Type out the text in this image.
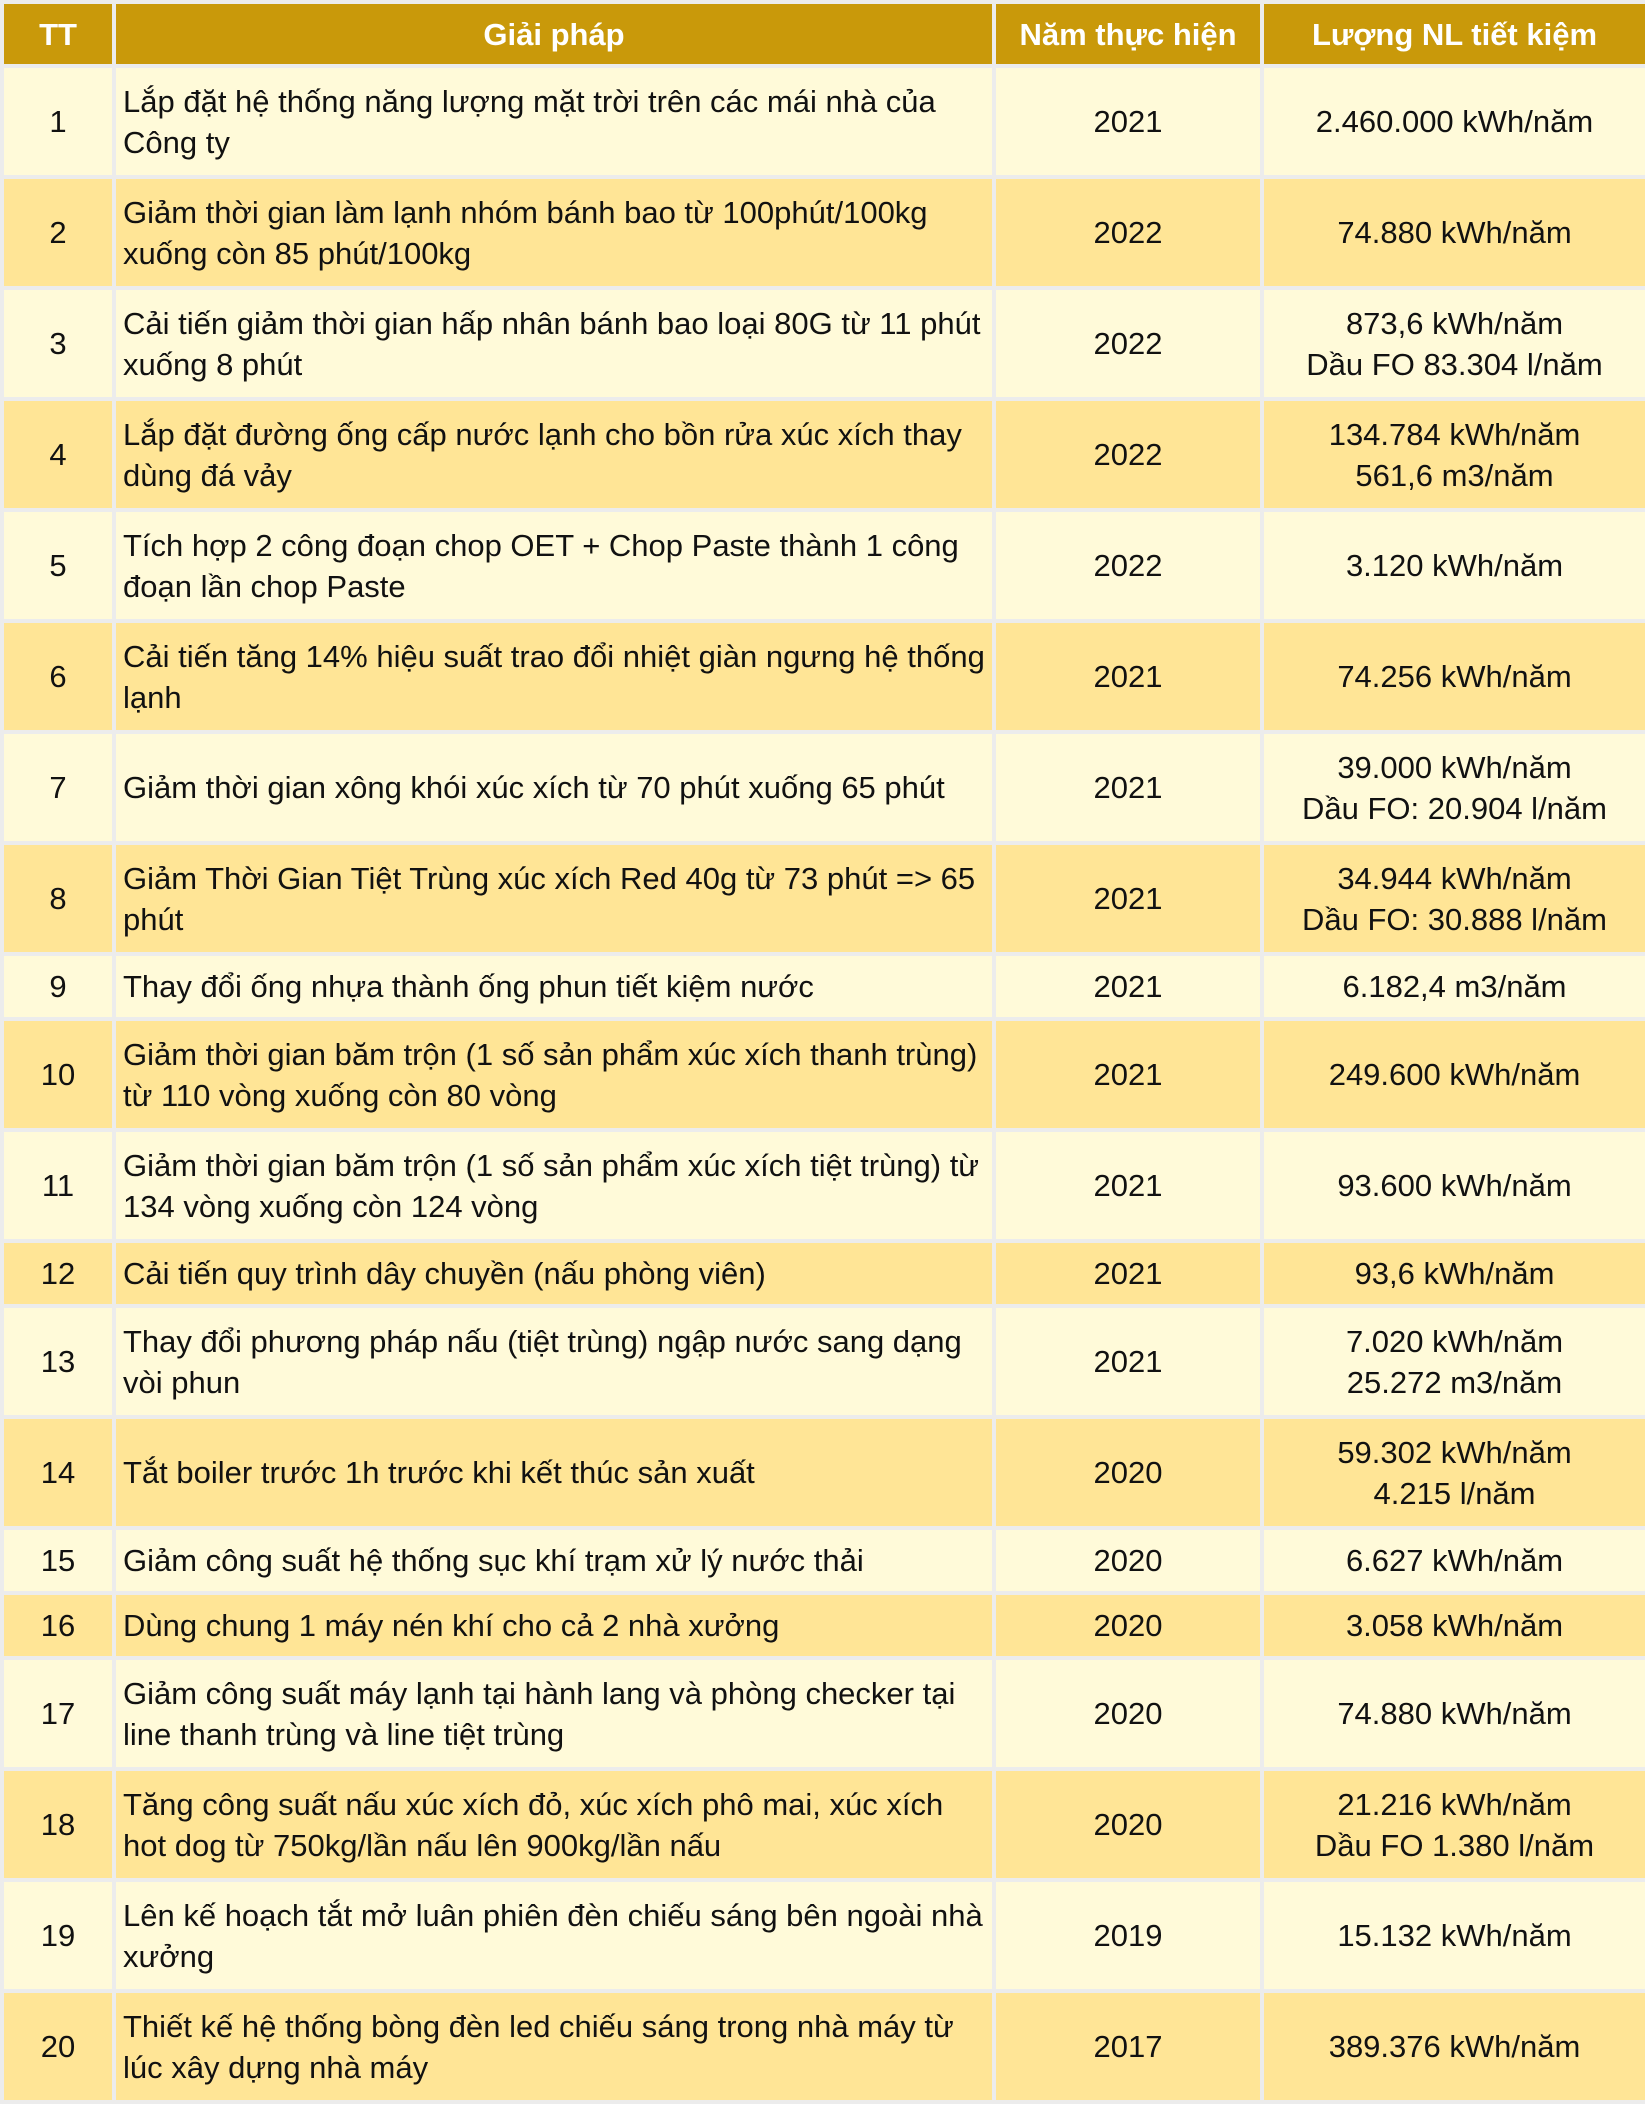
TT	Giải pháp	Năm thực hiện	Lượng NL tiết kiệm
1	Lắp đặt hệ thống năng lượng mặt trời trên các mái nhà của Công ty	2021	2.460.000 kWh/năm

2	Giảm thời gian làm lạnh nhóm bánh bao từ 100phút/100kg xuống còn 85 phút/100kg	2022	74.880 kWh/năm

3	Cải tiến giảm thời gian hấp nhân bánh bao loại 80G từ 11 phút xuống 8 phút	2022	873,6 kWh/năm
Dầu FO 83.304 l/năm

4	Lắp đặt đường ống cấp nước lạnh cho bồn rửa xúc xích thay dùng đá vảy	2022	134.784 kWh/năm
561,6 m3/năm

5	Tích hợp 2 công đoạn chop OET + Chop Paste thành 1 công đoạn lần chop Paste	2022	3.120 kWh/năm

6	Cải tiến tăng 14% hiệu suất trao đổi nhiệt giàn ngưng hệ thống lạnh	2021	74.256 kWh/năm

7	Giảm thời gian xông khói xúc xích từ 70 phút xuống 65 phút	2021	39.000 kWh/năm
Dầu FO: 20.904 l/năm

8	Giảm Thời Gian Tiệt Trùng xúc xích Red 40g từ 73 phút => 65 phút	2021	34.944 kWh/năm
Dầu FO: 30.888 l/năm

9	Thay đổi ống nhựa thành ống phun tiết kiệm nước	2021	6.182,4 m3/năm

10	Giảm thời gian băm trộn (1 số sản phẩm xúc xích thanh trùng) từ 110 vòng xuống còn 80 vòng	2021	249.600 kWh/năm

11	Giảm thời gian băm trộn (1 số sản phẩm xúc xích tiệt trùng) từ 134 vòng xuống còn 124 vòng	2021	93.600 kWh/năm

12	Cải tiến quy trình dây chuyền (nấu phòng viên)	2021	93,6 kWh/năm

13	Thay đổi phương pháp nấu (tiệt trùng) ngập nước sang dạng vòi phun	2021	7.020 kWh/năm
25.272 m3/năm

14	Tắt boiler trước 1h trước khi kết thúc sản xuất	2020	59.302 kWh/năm
4.215 l/năm

15	Giảm công suất hệ thống sục khí trạm xử lý nước thải	2020	6.627 kWh/năm

16	Dùng chung 1 máy nén khí cho cả 2 nhà xưởng	2020	3.058 kWh/năm

17	Giảm công suất máy lạnh tại hành lang và phòng checker tại line thanh trùng và line tiệt trùng	2020	74.880 kWh/năm

18	Tăng công suất nấu xúc xích đỏ, xúc xích phô mai, xúc xích hot dog từ 750kg/lần nấu lên 900kg/lần nấu	2020	21.216 kWh/năm
Dầu FO 1.380 l/năm

19	Lên kế hoạch tắt mở luân phiên đèn chiếu sáng bên ngoài nhà xưởng	2019	15.132 kWh/năm

20	Thiết kế hệ thống bòng đèn led chiếu sáng trong nhà máy từ lúc xây dựng nhà máy	2017	389.376 kWh/năm
